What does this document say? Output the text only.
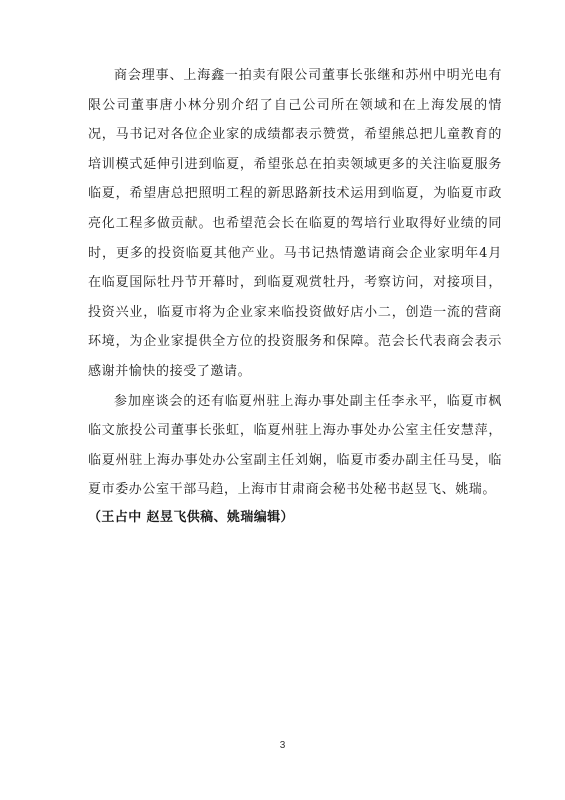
商会理事、上海鑫一拍卖有限公司董事长张继和苏州中明光电有限公司董事唐小林分别介绍了自己公司所在领域和在上海发展的情况，马书记对各位企业家的成绩都表示赞赏，希望熊总把儿童教育的培训模式延伸引进到临夏，希望张总在拍卖领域更多的关注临夏服务临夏，希望唐总把照明工程的新思路新技术运用到临夏，为临夏市政亮化工程多做贡献。也希望范会长在临夏的驾培行业取得好业绩的同时，更多的投资临夏其他产业。马书记热情邀请商会企业家明年4月在临夏国际牡丹节开幕时，到临夏观赏牡丹，考察访问，对接项目，投资兴业，临夏市将为企业家来临投资做好店小二，创造一流的营商环境，为企业家提供全方位的投资服务和保障。范会长代表商会表示感谢并愉快的接受了邀请。

参加座谈会的还有临夏州驻上海办事处副主任李永平，临夏市枫临文旅投公司董事长张虹，临夏州驻上海办事处办公室主任安慧萍，临夏州驻上海办事处办公室副主任刘娴，临夏市委办副主任马旻，临夏市委办公室干部马趋，上海市甘肃商会秘书处秘书赵昱飞、姚瑞。

（王占中 赵昱飞供稿、姚瑞编辑）

3
